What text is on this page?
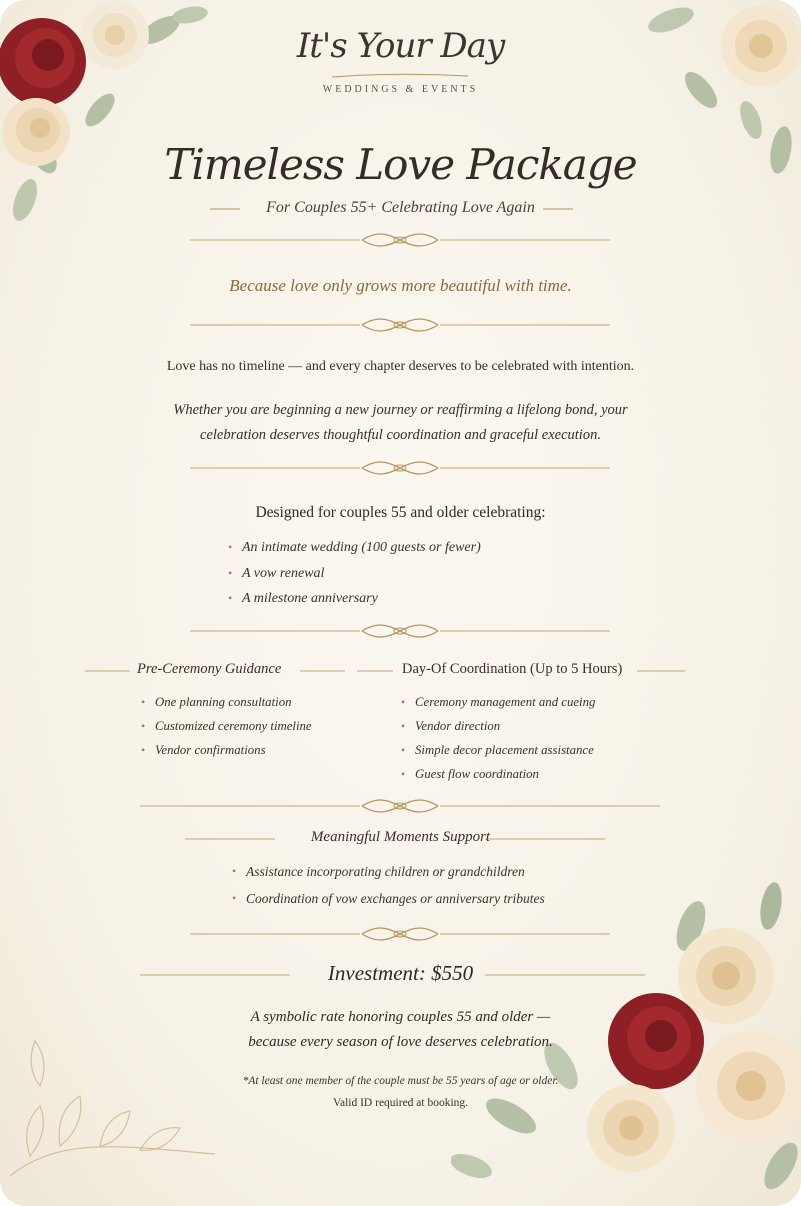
It's Your Day
WEDDINGS & EVENTS
Timeless Love Package
For Couples 55+ Celebrating Love Again
Because love only grows more beautiful with time.
Love has no timeline — and every chapter deserves to be celebrated with intention.
Whether you are beginning a new journey or reaffirming a lifelong bond, your
celebration deserves thoughtful coordination and graceful execution.
Designed for couples 55 and older celebrating:
• An intimate wedding (100 guests or fewer)
• A vow renewal
• A milestone anniversary
Pre-Ceremony Guidance	Day-Of Coordination (Up to 5 Hours)
• One planning consultation
• Customized ceremony timeline
• Vendor confirmations
• Ceremony management and cueing
• Vendor direction
• Simple decor placement assistance
• Guest flow coordination
Meaningful Moments Support
• Assistance incorporating children or grandchildren
• Coordination of vow exchanges or anniversary tributes
Investment: $550
A symbolic rate honoring couples 55 and older —
because every season of love deserves celebration.
*At least one member of the couple must be 55 years of age or older.
Valid ID required at booking.
